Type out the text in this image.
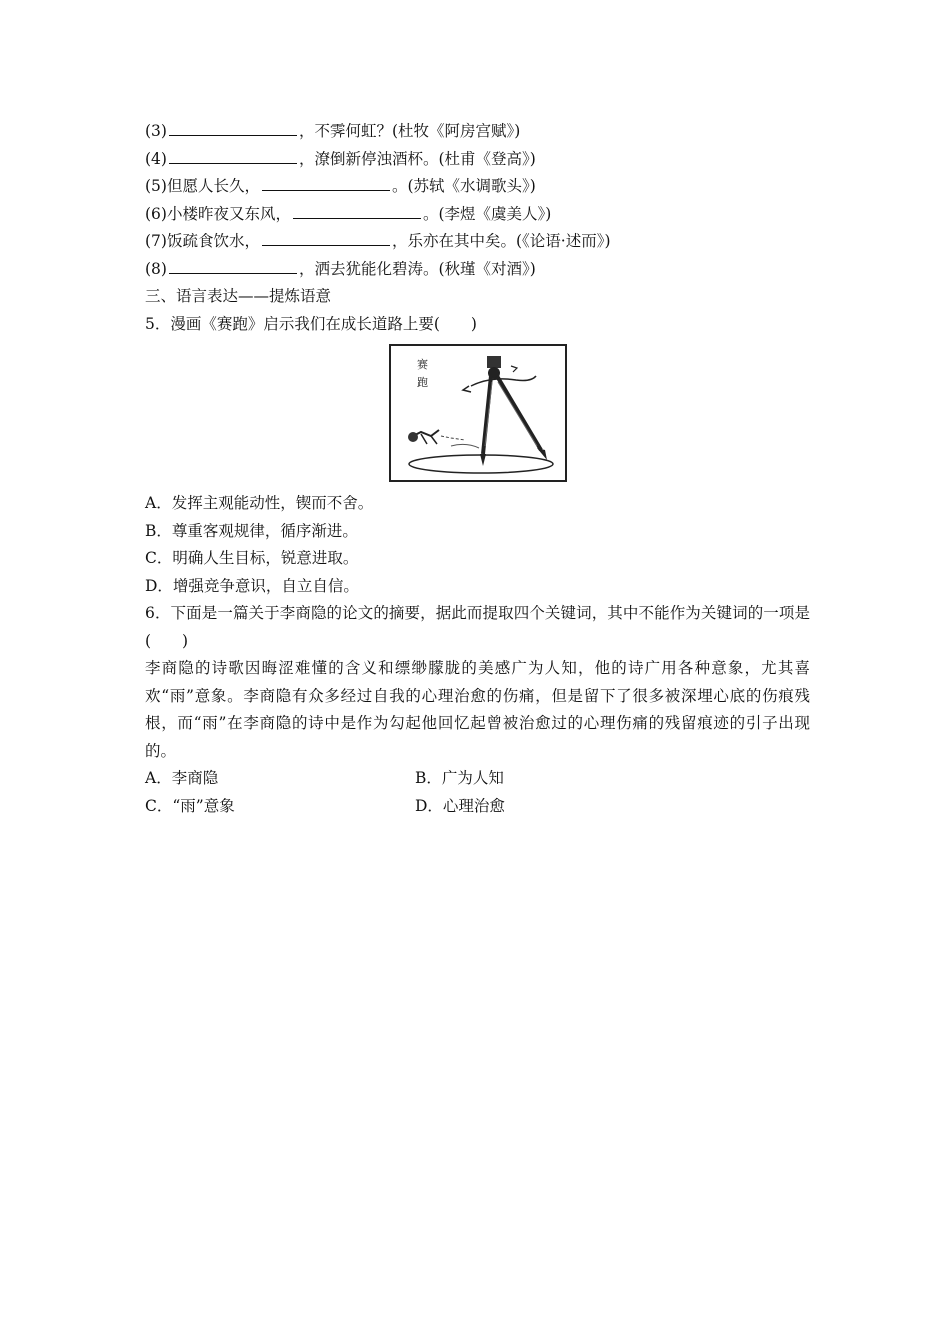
(3)	，不霁何虹？(杜牧《阿房宫赋》)
(4)	，潦倒新停浊酒杯。(杜甫《登高》)
(5)但愿人长久，	。(苏轼《水调歌头》)
(6)小楼昨夜又东风，	。(李煜《虞美人》)
(7)饭疏食饮水，	，乐亦在其中矣。(《论语·述而》)
(8)	，洒去犹能化碧涛。(秋瑾《对酒》)
三、语言表达——提炼语意
5．漫画《赛跑》启示我们在成长道路上要(　　)
赛
跑
A．发挥主观能动性，锲而不舍。
B．尊重客观规律，循序渐进。
C．明确人生目标，锐意进取。
D．增强竞争意识，自立自信。
6．下面是一篇关于李商隐的论文的摘要，据此而提取四个关键词，其中不能作为关键词的一项是(　　)
李商隐的诗歌因晦涩难懂的含义和缥缈朦胧的美感广为人知，他的诗广用各种意象，尤其喜欢“雨”意象。李商隐有众多经过自我的心理治愈的伤痛，但是留下了很多被深埋心底的伤痕残根，而“雨”在李商隐的诗中是作为勾起他回忆起曾被治愈过的心理伤痛的残留痕迹的引子出现的。
A．李商隐	B．广为人知
C．“雨”意象	D．心理治愈
